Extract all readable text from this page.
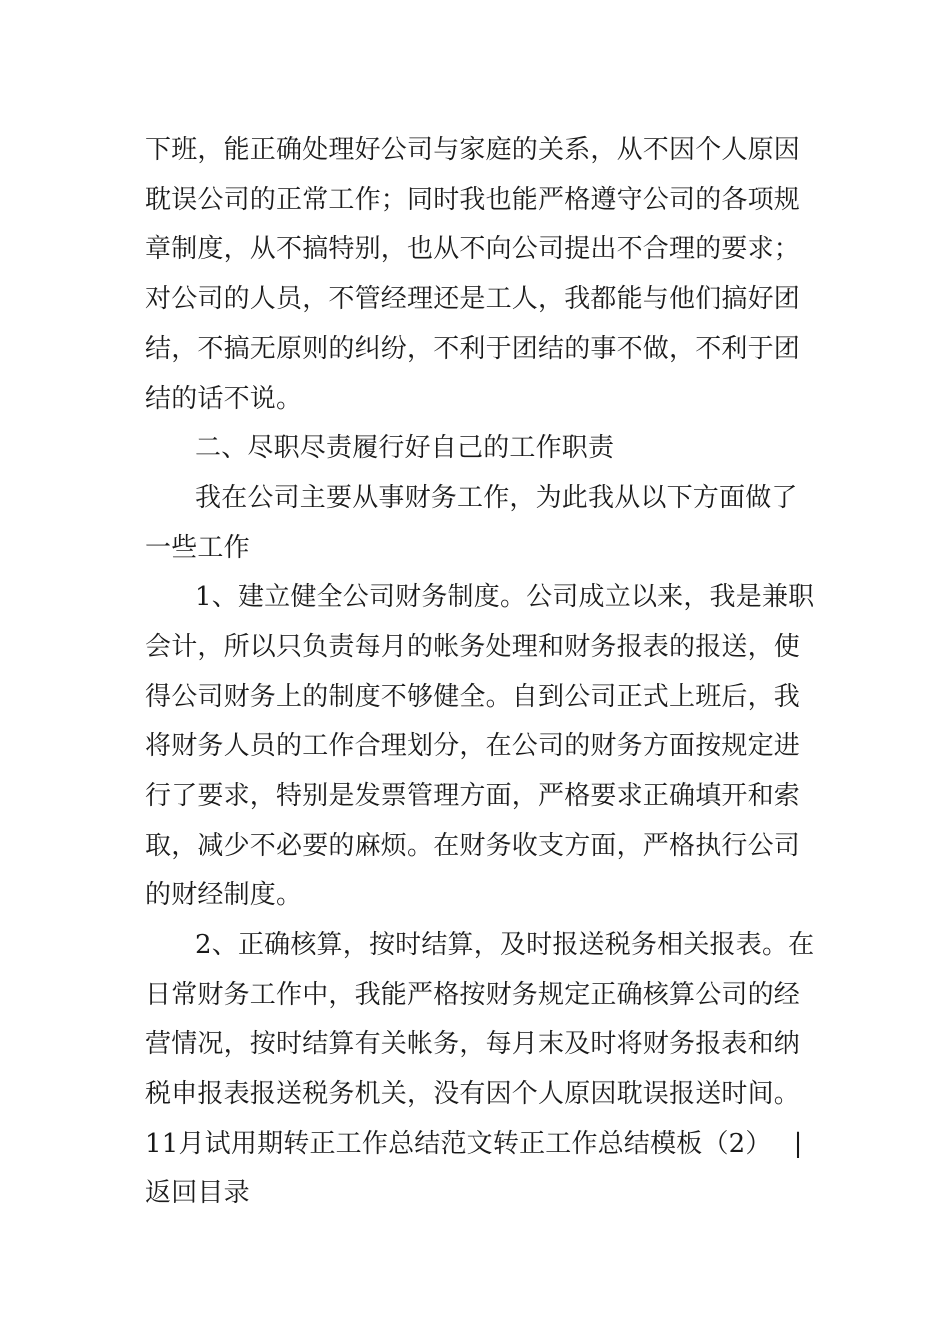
下班，能正确处理好公司与家庭的关系，从不因个人原因
耽误公司的正常工作；同时我也能严格遵守公司的各项规
章制度，从不搞特别，也从不向公司提出不合理的要求；
对公司的人员，不管经理还是工人，我都能与他们搞好团
结，不搞无原则的纠纷，不利于团结的事不做，不利于团
结的话不说。
二、尽职尽责履行好自己的工作职责
我在公司主要从事财务工作，为此我从以下方面做了
一些工作
1、建立健全公司财务制度。公司成立以来，我是兼职
会计，所以只负责每月的帐务处理和财务报表的报送，使
得公司财务上的制度不够健全。自到公司正式上班后，我
将财务人员的工作合理划分，在公司的财务方面按规定进
行了要求，特别是发票管理方面，严格要求正确填开和索
取，减少不必要的麻烦。在财务收支方面，严格执行公司
的财经制度。
2、正确核算，按时结算，及时报送税务相关报表。在
日常财务工作中，我能严格按财务规定正确核算公司的经
营情况，按时结算有关帐务，每月末及时将财务报表和纳
税申报表报送税务机关，没有因个人原因耽误报送时间。
11月试用期转正工作总结范文转正工作总结模板（2） |
返回目录
